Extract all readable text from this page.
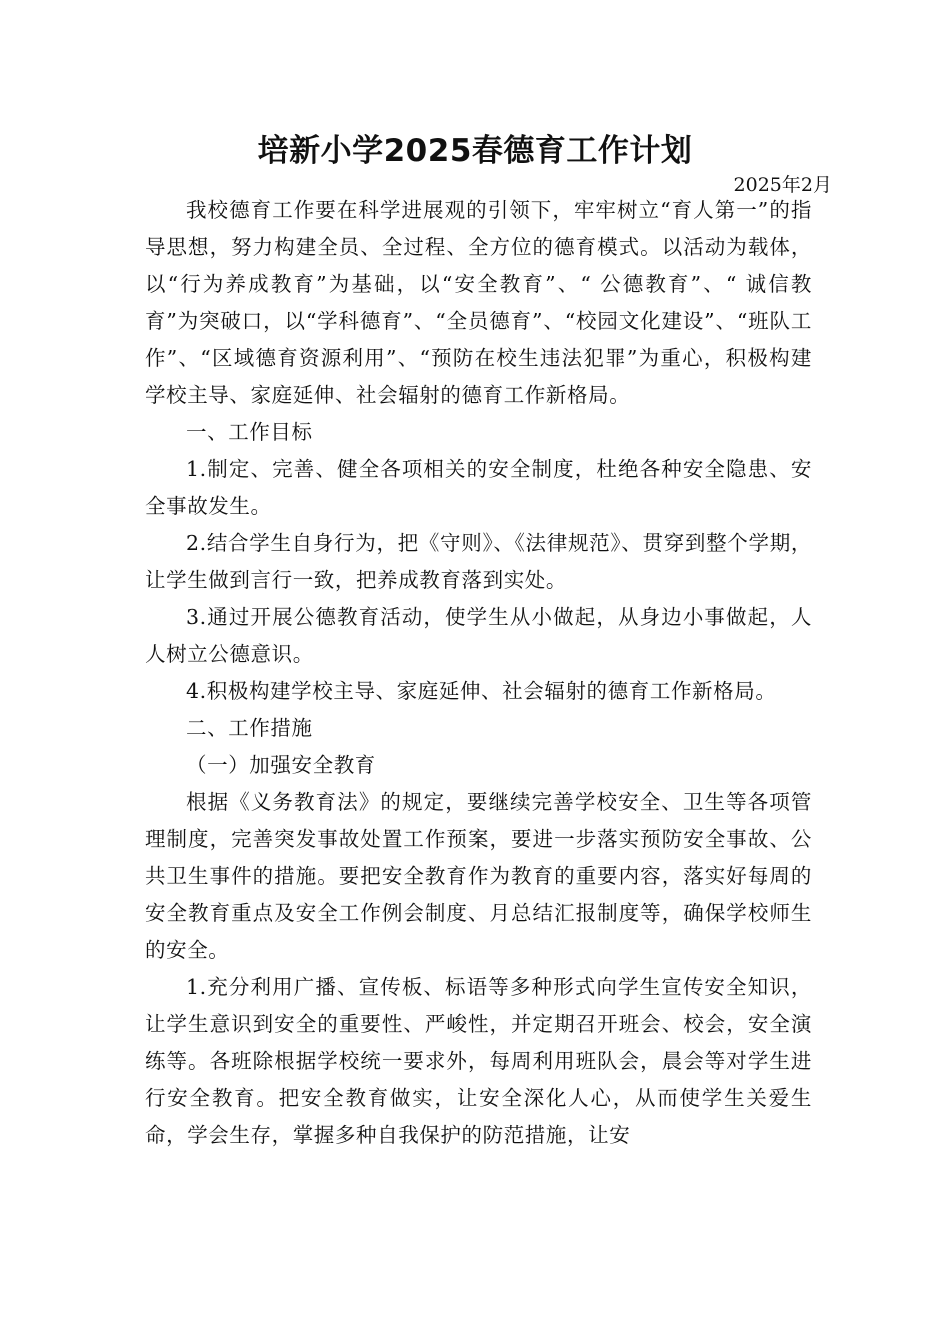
培新小学2025春德育工作计划
2025年2月

我校德育工作要在科学进展观的引领下，牢牢树立“育人第一”的指导思想，努力构建全员、全过程、全方位的德育模式。以活动为载体，以“行为养成教育”为基础，以“安全教育”、“ 公德教育”、“ 诚信教育”为突破口，以“学科德育”、“全员德育”、“校园文化建设”、“班队工作”、“区域德育资源利用”、“预防在校生违法犯罪”为重心，积极构建学校主导、家庭延伸、社会辐射的德育工作新格局。

一、工作目标

1.制定、完善、健全各项相关的安全制度，杜绝各种安全隐患、安全事故发生。

2.结合学生自身行为，把《守则》、《法律规范》、贯穿到整个学期，让学生做到言行一致，把养成教育落到实处。

3.通过开展公德教育活动，使学生从小做起，从身边小事做起，人人树立公德意识。

4.积极构建学校主导、家庭延伸、社会辐射的德育工作新格局。

二、工作措施

（一）加强安全教育

根据《义务教育法》的规定，要继续完善学校安全、卫生等各项管理制度，完善突发事故处置工作预案，要进一步落实预防安全事故、公共卫生事件的措施。要把安全教育作为教育的重要内容，落实好每周的安全教育重点及安全工作例会制度、月总结汇报制度等，确保学校师生的安全。

1.充分利用广播、宣传板、标语等多种形式向学生宣传安全知识，让学生意识到安全的重要性、严峻性，并定期召开班会、校会，安全演练等。各班除根据学校统一要求外，每周利用班队会，晨会等对学生进行安全教育。把安全教育做实，让安全深化人心，从而使学生关爱生命，学会生存，掌握多种自我保护的防范措施，让安
